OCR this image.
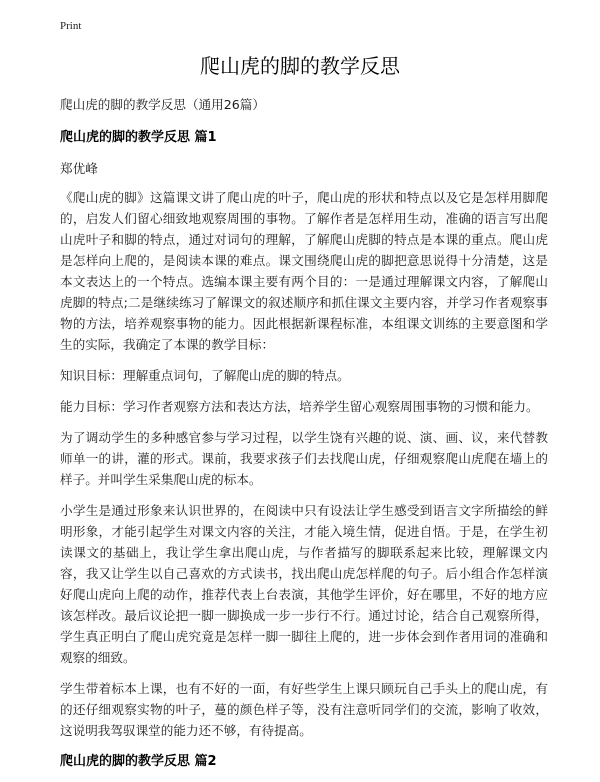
Print
爬山虎的脚的教学反思

爬山虎的脚的教学反思（通用26篇）

爬山虎的脚的教学反思 篇1

郑优峰

《爬山虎的脚》这篇课文讲了爬山虎的叶子，爬山虎的形状和特点以及它是怎样用脚爬的，启发人们留心细致地观察周围的事物。了解作者是怎样用生动，准确的语言写出爬山虎叶子和脚的特点，通过对词句的理解，了解爬山虎脚的特点是本课的重点。爬山虎是怎样向上爬的，是阅读本课的难点。课文围绕爬山虎的脚把意思说得十分清楚，这是本文表达上的一个特点。选编本课主要有两个目的：一是通过理解课文内容，了解爬山虎脚的特点;二是继续练习了解课文的叙述顺序和抓住课文主要内容，并学习作者观察事物的方法，培养观察事物的能力。因此根据新课程标准，本组课文训练的主要意图和学生的实际，我确定了本课的教学目标：

知识目标：理解重点词句，了解爬山虎的脚的特点。

能力目标：学习作者观察方法和表达方法，培养学生留心观察周围事物的习惯和能力。

为了调动学生的多种感官参与学习过程，以学生饶有兴趣的说、演、画、议，来代替教师单一的讲，灌的形式。课前，我要求孩子们去找爬山虎，仔细观察爬山虎爬在墙上的样子。并叫学生采集爬山虎的标本。

小学生是通过形象来认识世界的，在阅读中只有设法让学生感受到语言文字所描绘的鲜明形象，才能引起学生对课文内容的关注，才能入境生情，促进自悟。于是，在学生初读课文的基础上，我让学生拿出爬山虎，与作者描写的脚联系起来比较，理解课文内容，我又让学生以自己喜欢的方式读书，找出爬山虎怎样爬的句子。后小组合作怎样演好爬山虎向上爬的动作，推荐代表上台表演，其他学生评价，好在哪里，不好的地方应该怎样改。最后议论把一脚一脚换成一步一步行不行。通过讨论，结合自己观察所得，学生真正明白了爬山虎究竟是怎样一脚一脚往上爬的，进一步体会到作者用词的准确和观察的细致。

学生带着标本上课，也有不好的一面，有好些学生上课只顾玩自己手头上的爬山虎，有的还仔细观察实物的叶子，蔓的颜色样子等，没有注意听同学们的交流，影响了收效，这说明我驾驭课堂的能力还不够，有待提高。

爬山虎的脚的教学反思 篇2
